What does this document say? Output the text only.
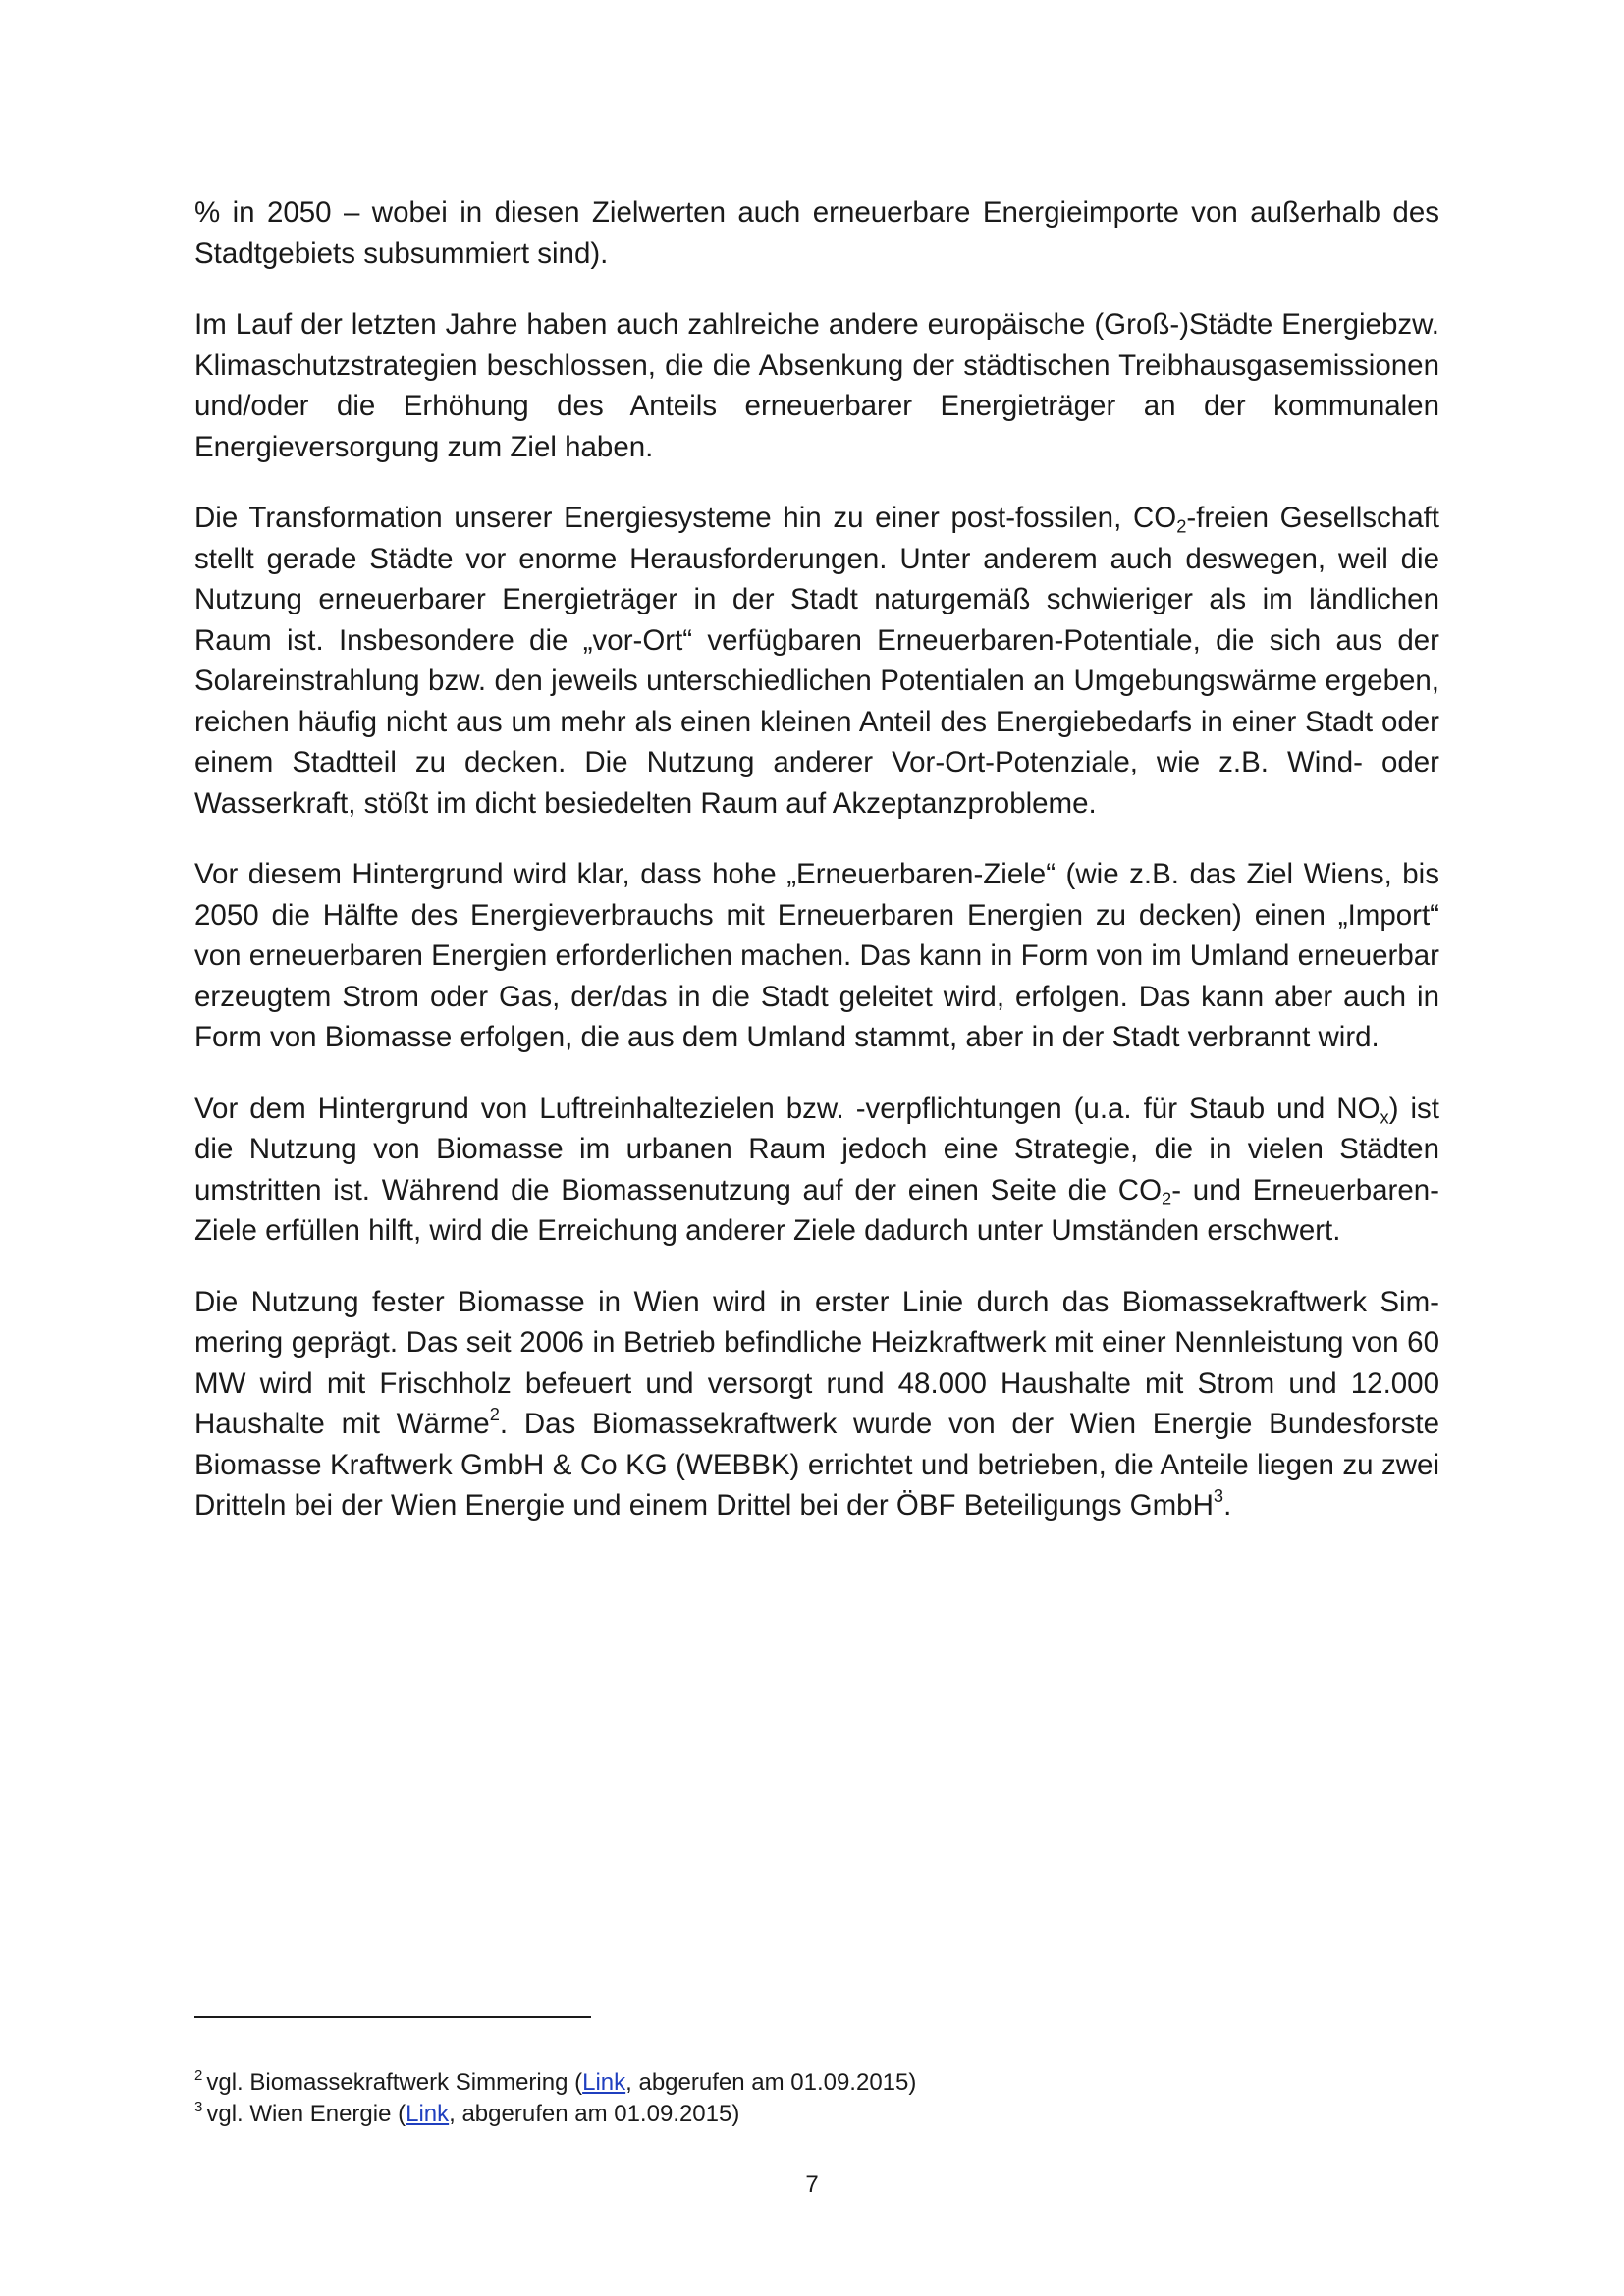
% in 2050 – wobei in diesen Zielwerten auch erneuerbare Energieimporte von außerhalb des Stadtgebiets subsummiert sind).

Im Lauf der letzten Jahre haben auch zahlreiche andere europäische (Groß-)Städte Energiebzw. Klimaschutzstrategien beschlossen, die die Absenkung der städtischen Treibhausgasemissionen und/oder die Erhöhung des Anteils erneuerbarer Energieträger an der kommunalen Energieversorgung zum Ziel haben.

Die Transformation unserer Energiesysteme hin zu einer post-fossilen, $CO_2$-freien Gesellschaft stellt gerade Städte vor enorme Herausforderungen. Unter anderem auch deswegen, weil die Nutzung erneuerbarer Energieträger in der Stadt naturgemäß schwieriger als im ländlichen Raum ist. Insbesondere die „vor-Ort“ verfügbaren Erneuerbaren-Potentiale, die sich aus der Solareinstrahlung bzw. den jeweils unterschiedlichen Potentialen an Umgebungswärme ergeben, reichen häufig nicht aus um mehr als einen kleinen Anteil des Energiebedarfs in einer Stadt oder einem Stadtteil zu decken. Die Nutzung anderer Vor-Ort-Potenziale, wie z.B. Wind- oder Wasserkraft, stößt im dicht besiedelten Raum auf Akzeptanzprobleme.

Vor diesem Hintergrund wird klar, dass hohe „Erneuerbaren-Ziele“ (wie z.B. das Ziel Wiens, bis 2050 die Hälfte des Energieverbrauchs mit Erneuerbaren Energien zu decken) einen „Import“ von erneuerbaren Energien erforderlichen machen. Das kann in Form von im Umland erneuerbar erzeugtem Strom oder Gas, der/das in die Stadt geleitet wird, erfolgen. Das kann aber auch in Form von Biomasse erfolgen, die aus dem Umland stammt, aber in der Stadt verbrannt wird.

Vor dem Hintergrund von Luftreinhaltezielen bzw. -verpflichtungen (u.a. für Staub und $NO_x$) ist die Nutzung von Biomasse im urbanen Raum jedoch eine Strategie, die in vielen Städten umstritten ist. Während die Biomassenutzung auf der einen Seite die $CO_2-$ und Erneuerbaren-Ziele erfüllen hilft, wird die Erreichung anderer Ziele dadurch unter Umständen erschwert.

Die Nutzung fester Biomasse in Wien wird in erster Linie durch das Biomassekraftwerk Simmering geprägt. Das seit 2006 in Betrieb befindliche Heizkraftwerk mit einer Nennleistung von 60 MW wird mit Frischholz befeuert und versorgt rund 48.000 Haushalte mit Strom und 12.000 Haushalte mit Wärme$^2$. Das Biomassekraftwerk wurde von der Wien Energie Bundesforste Biomasse Kraftwerk GmbH & Co KG (WEBBK) errichtet und betrieben, die Anteile liegen zu zwei Dritteln bei der Wien Energie und einem Drittel bei der ÖBF Beteiligungs GmbH$^3$.

$^2$ vgl. Biomassekraftwerk Simmering (Link, abgerufen am 01.09.2015)

$^3$ vgl. Wien Energie (Link, abgerufen am 01.09.2015)

7
